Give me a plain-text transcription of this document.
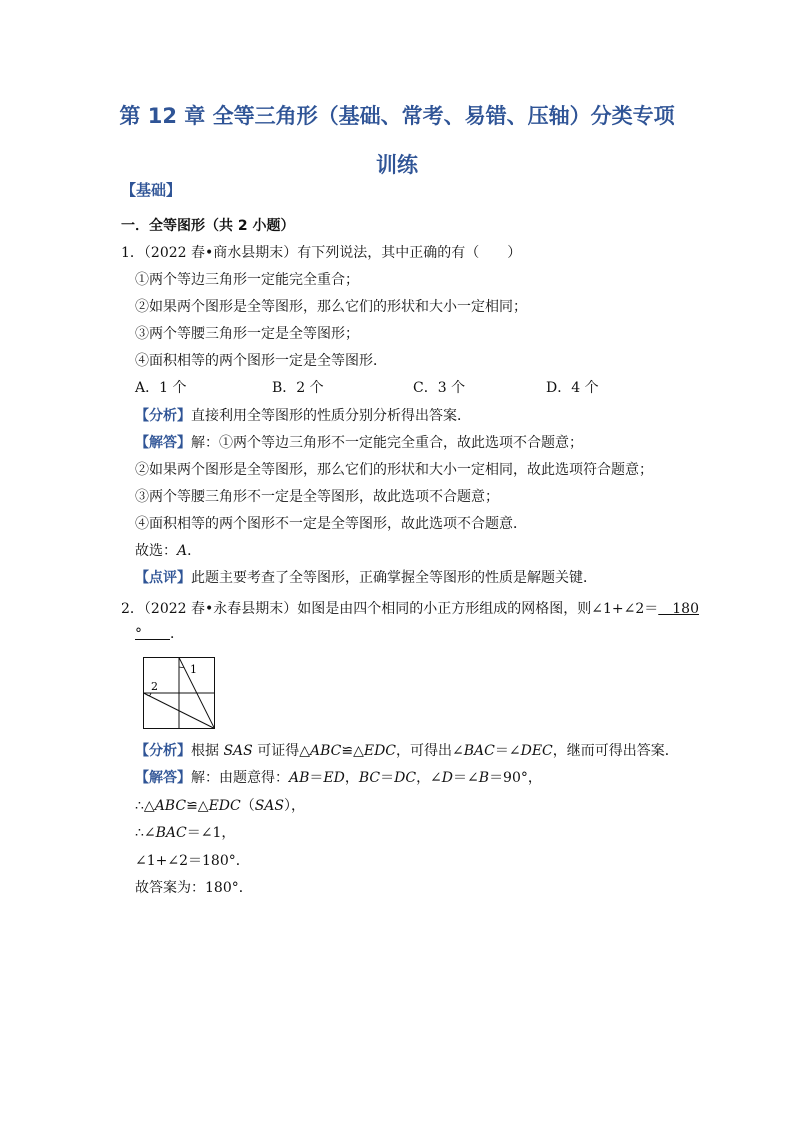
第 12 章 全等三角形（基础、常考、易错、压轴）分类专项
训练
【基础】
一．全等图形（共 2 小题）
1．（2022 春•商水县期末）有下列说法，其中正确的有（　　）
①两个等边三角形一定能完全重合；
②如果两个图形是全等图形，那么它们的形状和大小一定相同；
③两个等腰三角形一定是全等图形；
④面积相等的两个图形一定是全等图形．
A．1 个	B．2 个	C．3 个	D．4 个
【分析】直接利用全等图形的性质分别分析得出答案．
【解答】解：①两个等边三角形不一定能完全重合，故此选项不合题意；
②如果两个图形是全等图形，那么它们的形状和大小一定相同，故此选项符合题意；
③两个等腰三角形不一定是全等图形，故此选项不合题意；
④面积相等的两个图形不一定是全等图形，故此选项不合题意．
故选：A．
【点评】此题主要考查了全等图形，正确掌握全等图形的性质是解题关键．
2．（2022 春•永春县期末）如图是由四个相同的小正方形组成的网格图，则∠1+∠2＝　180
°　　．
1
2
【分析】根据 SAS 可证得△ABC≌△EDC，可得出∠BAC＝∠DEC，继而可得出答案．
【解答】解：由题意得：AB＝ED，BC＝DC，∠D＝∠B＝90°，
∴△ABC≌△EDC（SAS），
∴∠BAC＝∠1，
∠1+∠2＝180°．
故答案为：180°．
